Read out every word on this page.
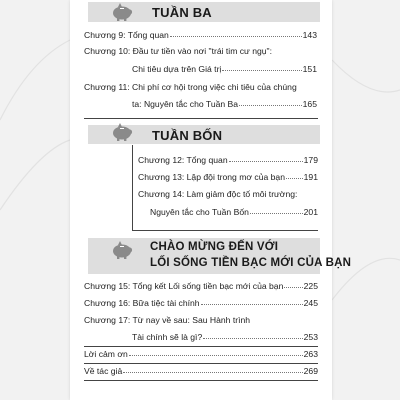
TUẦN BA
Chương 9: Tổng quan	143
Chương 10: Đầu tư tiền vào nơi "trái tim cư ngụ":
Chi tiêu dựa trên Giá trị	151
Chương 11: Chi phí cơ hội trong việc chi tiêu của chúng
ta: Nguyên tắc cho Tuần Ba	165
TUẦN BỐN
Chương 12: Tổng quan	179
Chương 13: Lập đội trong mơ của bạn 191
Chương 14: Làm giảm độc tố môi trường:
Nguyên tắc cho Tuần Bốn	201
CHÀO MỪNG ĐẾN VỚI
LỐI SỐNG TIỀN BẠC MỚI CỦA BẠN
Chương 15: Tổng kết Lối sống tiền bạc mới của bạn 225
Chương 16: Bữa tiệc tài chính	245
Chương 17: Từ nay về sau: Sau Hành trình
Tài chính sẽ là gì?	253
Lời cảm ơn	263
Về tác giả	269
